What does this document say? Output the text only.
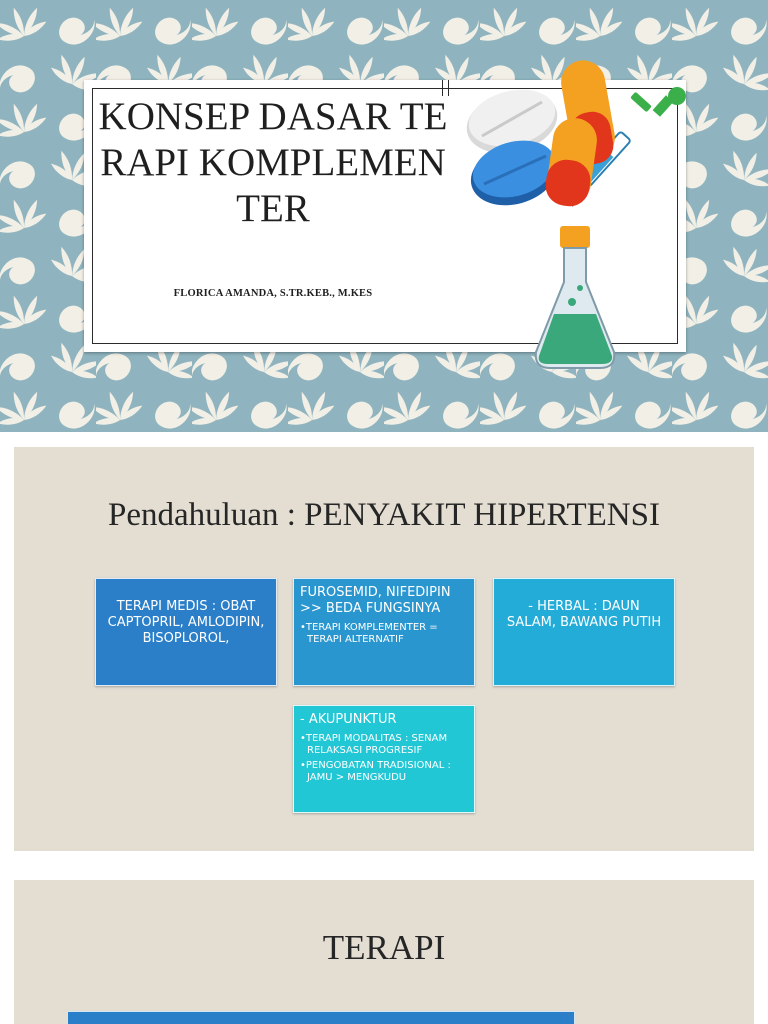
KONSEP DASAR TERAPI KOMPLEMENTER
FLORICA AMANDA, S.TR.KEB., M.KES
Pendahuluan : PENYAKIT HIPERTENSI
TERAPI MEDIS : OBAT CAPTOPRIL, AMLODIPIN, BISOPLOROL,
FUROSEMID, NIFEDIPIN >> BEDA FUNGSINYA
• TERAPI KOMPLEMENTER = TERAPI ALTERNATIF
- HERBAL : DAUN SALAM, BAWANG PUTIH
- AKUPUNKTUR
• TERAPI MODALITAS : SENAM RELAKSASI PROGRESIF
• PENGOBATAN TRADISIONAL : JAMU > MENGKUDU
TERAPI
